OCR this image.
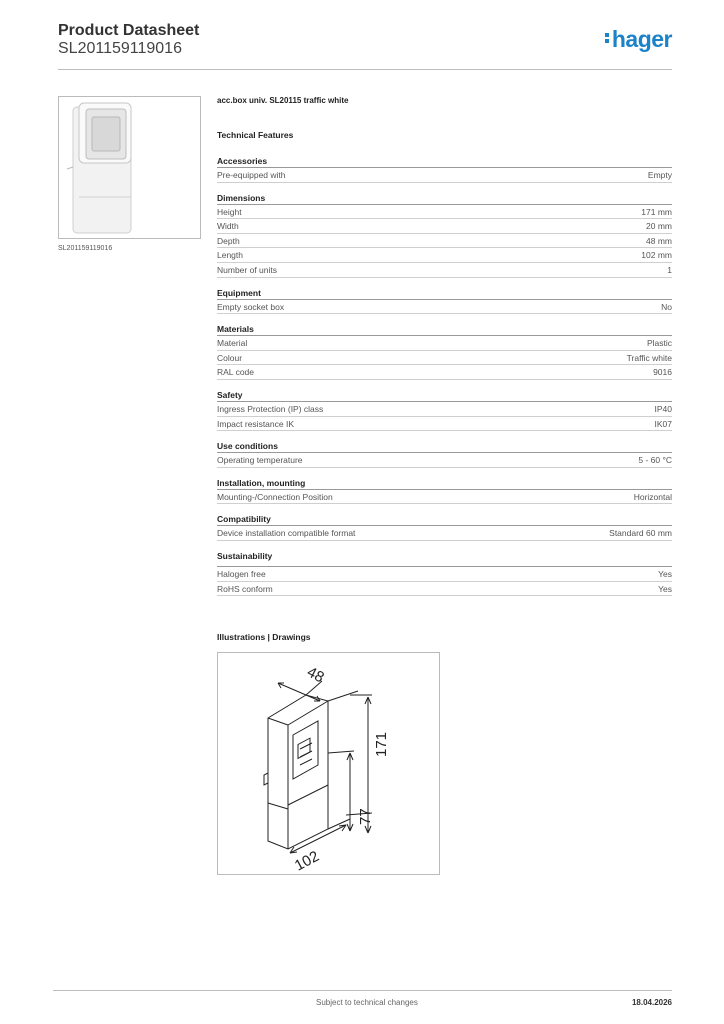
Product Datasheet
SL201159119016	hager
SL201159119016
acc.box univ. SL20115 traffic white
Technical Features
Accessories
Pre-equipped with	Empty
Dimensions
Height	171 mm
Width	20 mm
Depth	48 mm
Length	102 mm
Number of units	1
Equipment
Empty socket box	No
Materials
Material	Plastic
Colour	Traffic white
RAL code	9016
Safety
Ingress Protection (IP) class	IP40
Impact resistance IK	IK07
Use conditions
Operating temperature	5 - 60 °C
Installation, mounting
Mounting-/Connection Position	Horizontal
Compatibility
Device installation compatible format	Standard 60 mm
Sustainability
Halogen free	Yes
RoHS conform	Yes
Illustrations | Drawings
48
171
77
102
Subject to technical changes	18.04.2026
